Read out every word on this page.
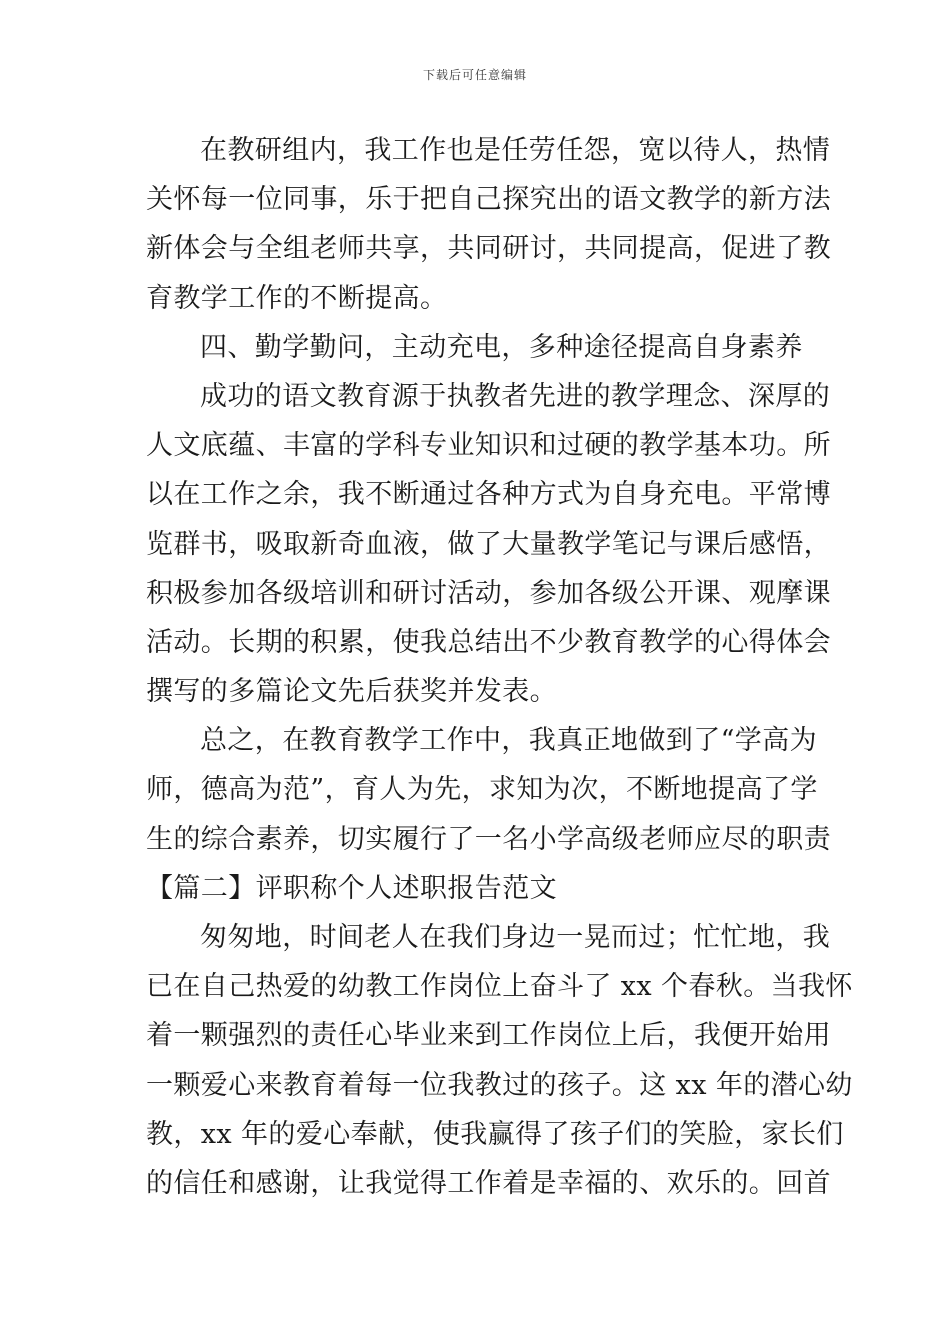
下载后可任意编辑
在教研组内，我工作也是任劳任怨，宽以待人，热情
关怀每一位同事，乐于把自己探究出的语文教学的新方法
新体会与全组老师共享，共同研讨，共同提高，促进了教
育教学工作的不断提高。
四、勤学勤问，主动充电，多种途径提高自身素养
成功的语文教育源于执教者先进的教学理念、深厚的
人文底蕴、丰富的学科专业知识和过硬的教学基本功。所
以在工作之余，我不断通过各种方式为自身充电。平常博
览群书，吸取新奇血液，做了大量教学笔记与课后感悟，
积极参加各级培训和研讨活动，参加各级公开课、观摩课
活动。长期的积累，使我总结出不少教育教学的心得体会
撰写的多篇论文先后获奖并发表。
总之，在教育教学工作中，我真正地做到了“学高为
师，德高为范”，育人为先，求知为次，不断地提高了学
生的综合素养，切实履行了一名小学高级老师应尽的职责
【篇二】评职称个人述职报告范文
匆匆地，时间老人在我们身边一晃而过；忙忙地，我
已在自己热爱的幼教工作岗位上奋斗了 xx 个春秋。当我怀
着一颗强烈的责任心毕业来到工作岗位上后，我便开始用
一颗爱心来教育着每一位我教过的孩子。这 xx 年的潜心幼
教，xx 年的爱心奉献，使我赢得了孩子们的笑脸，家长们
的信任和感谢，让我觉得工作着是幸福的、欢乐的。回首
